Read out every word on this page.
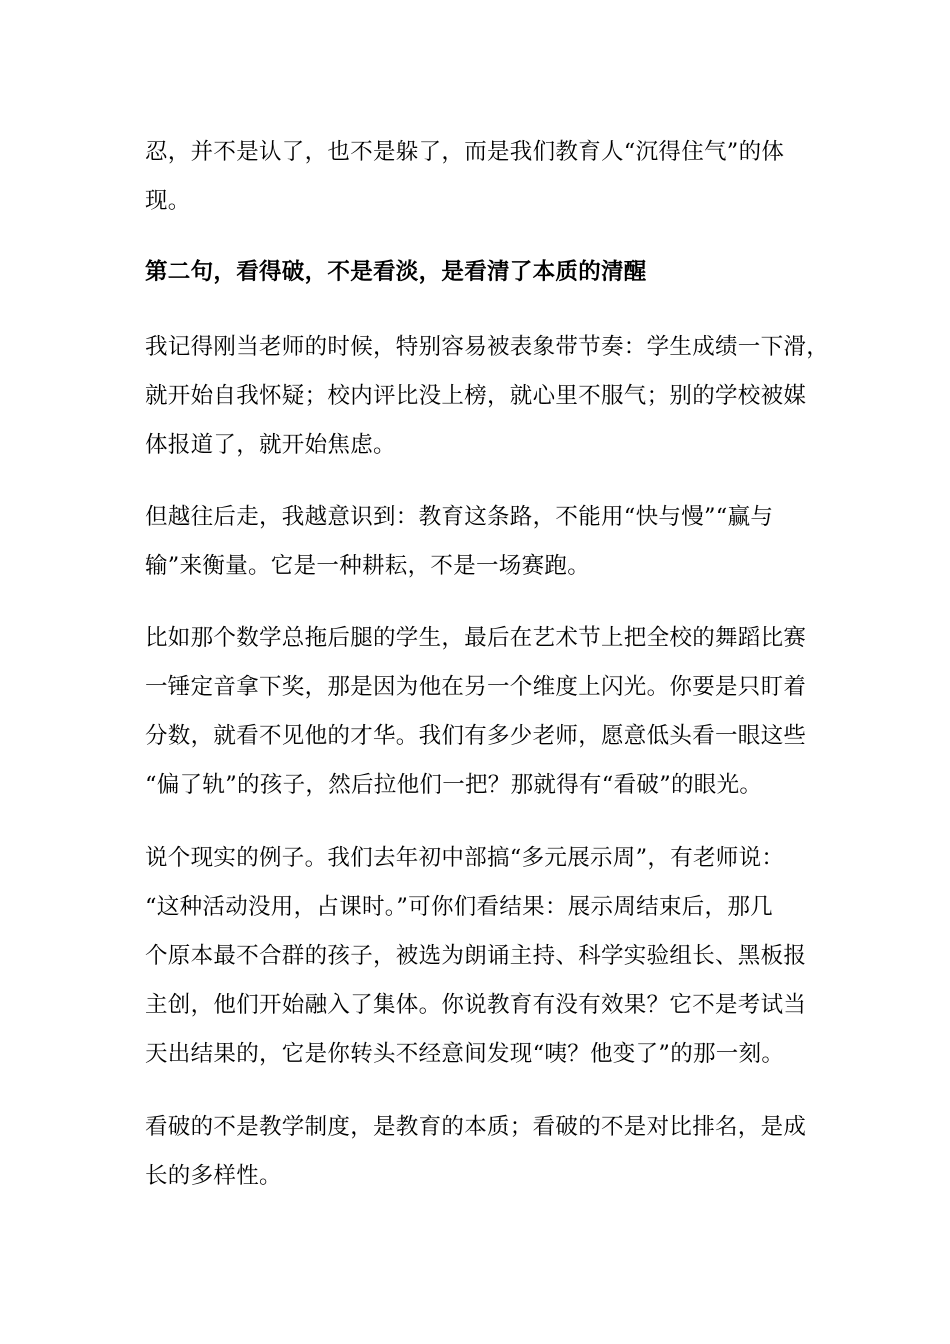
忍，并不是认了，也不是躲了，而是我们教育人“沉得住气”的体
现。
第二句，看得破，不是看淡，是看清了本质的清醒
我记得刚当老师的时候，特别容易被表象带节奏：学生成绩一下滑，
就开始自我怀疑；校内评比没上榜，就心里不服气；别的学校被媒
体报道了，就开始焦虑。
但越往后走，我越意识到：教育这条路，不能用“快与慢”“赢与
输”来衡量。它是一种耕耘，不是一场赛跑。
比如那个数学总拖后腿的学生，最后在艺术节上把全校的舞蹈比赛
一锤定音拿下奖，那是因为他在另一个维度上闪光。你要是只盯着
分数，就看不见他的才华。我们有多少老师，愿意低头看一眼这些
“偏了轨”的孩子，然后拉他们一把？那就得有“看破”的眼光。
说个现实的例子。我们去年初中部搞“多元展示周”，有老师说：
“这种活动没用，占课时。”可你们看结果：展示周结束后，那几
个原本最不合群的孩子，被选为朗诵主持、科学实验组长、黑板报
主创，他们开始融入了集体。你说教育有没有效果？它不是考试当
天出结果的，它是你转头不经意间发现“咦？他变了”的那一刻。
看破的不是教学制度，是教育的本质；看破的不是对比排名，是成
长的多样性。
